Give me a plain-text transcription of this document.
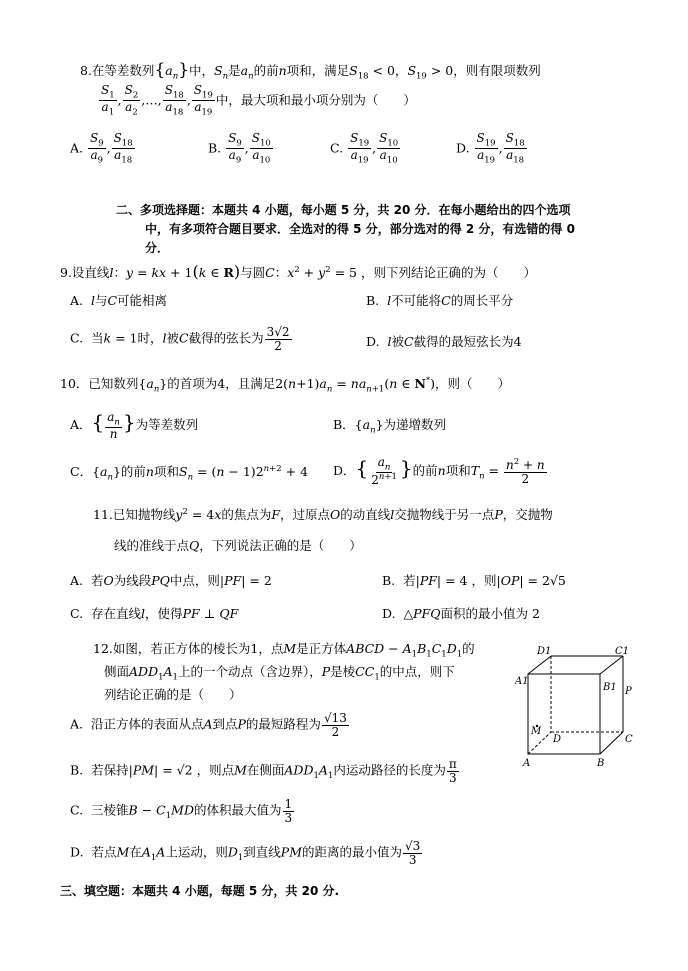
8.在等差数列$\{a_n\}$中，$S_n$是$a_n$的前n项和，满足$S_{18} < 0$，$S_{19} > 0$，则有限项数列
$\frac{S_1}{a_1}$ , $\frac{S_2}{a_2}$ ,…, $\frac{S_{18}}{a_{18}}$ , $\frac{S_{19}}{a_{19}}$ 中，最大项和最小项分别为（　　）
A. $\frac{S_9}{a_9}$ , $\frac{S_{18}}{a_{18}}$	B. $\frac{S_9}{a_9}$ , $\frac{S_{10}}{a_{10}}$	C. $\frac{S_{19}}{a_{19}}$ , $\frac{S_{10}}{a_{10}}$	D. $\frac{S_{19}}{a_{19}}$ , $\frac{S_{18}}{a_{18}}$
二、多项选择题：本题共 4 小题，每小题 5 分，共 20 分．在每小题给出的四个选项
中，有多项符合题目要求．全选对的得 5 分，部分选对的得 2 分，有选错的得 0
分．
9.设直线l：y = kx + 1(k ∈ R)与圆C：$x^2 + y^2 = 5$ ，则下列结论正确的为（　　）
A.  l与C可能相离	B.  l不可能将C的周长平分
C.  当k = 1时，l被C截得的弦长为 $\frac{3√2}{2}$	D.  l被C截得的最短弦长为4
10．已知数列$\{a_n\}$的首项为4，且满足$2(n+1)a_n = na_{n+1}(n$ ∈ N*)，则（　　）
A．{ $\frac{a_n}{n}$ }为等差数列	B．$\{a_n\}$为递增数列
C．$\{a_n\}$的前n项和$S_n = (n - 1)2^{n+2} + 4$ D．{ $\frac{a_n}{2^{n+1}}$ }的前n项和$T_n = \frac{n^2 + n}{2}$
11.已知抛物线$y^2 = 4x$的焦点为F，过原点O的动直线l交抛物线于另一点P，交抛物
线的准线于点Q，下列说法正确的是（　　）
A.  若O为线段PQ中点，则|PF| = 2	B.  若|PF| = 4 ，则|OP| = 2√5
C.  存在直线l，使得PF ⊥ QF	D.  △PFQ面积的最小值为 2
12.如图，若正方体的棱长为1，点M是正方体ABCD − $A_1B_1C_1D_1$的
侧面$ADD_1A_1$上的一个动点（含边界），P是棱$CC_1$的中点，则下
列结论正确的是（　　）
A.  沿正方体的表面从点A到点P的最短路程为 $\frac{√13}{2}$
B.  若保持|PM| = √2 ，则点M在侧面$ADD_1A_1$内运动路径的长度为 $\frac{\pi}{3}$
C.  三棱锥$B - C_1MD$的体积最大值为 $\frac{1}{3}$
D.  若点M在$A_1A$上运动，则$D_1$到直线PM的距离的最小值为 $\frac{√3}{3}$
D1	C1
A1
B1 P
M
D	C
A	B
三、填空题：本题共 4 小题，每题 5 分，共 20 分.
